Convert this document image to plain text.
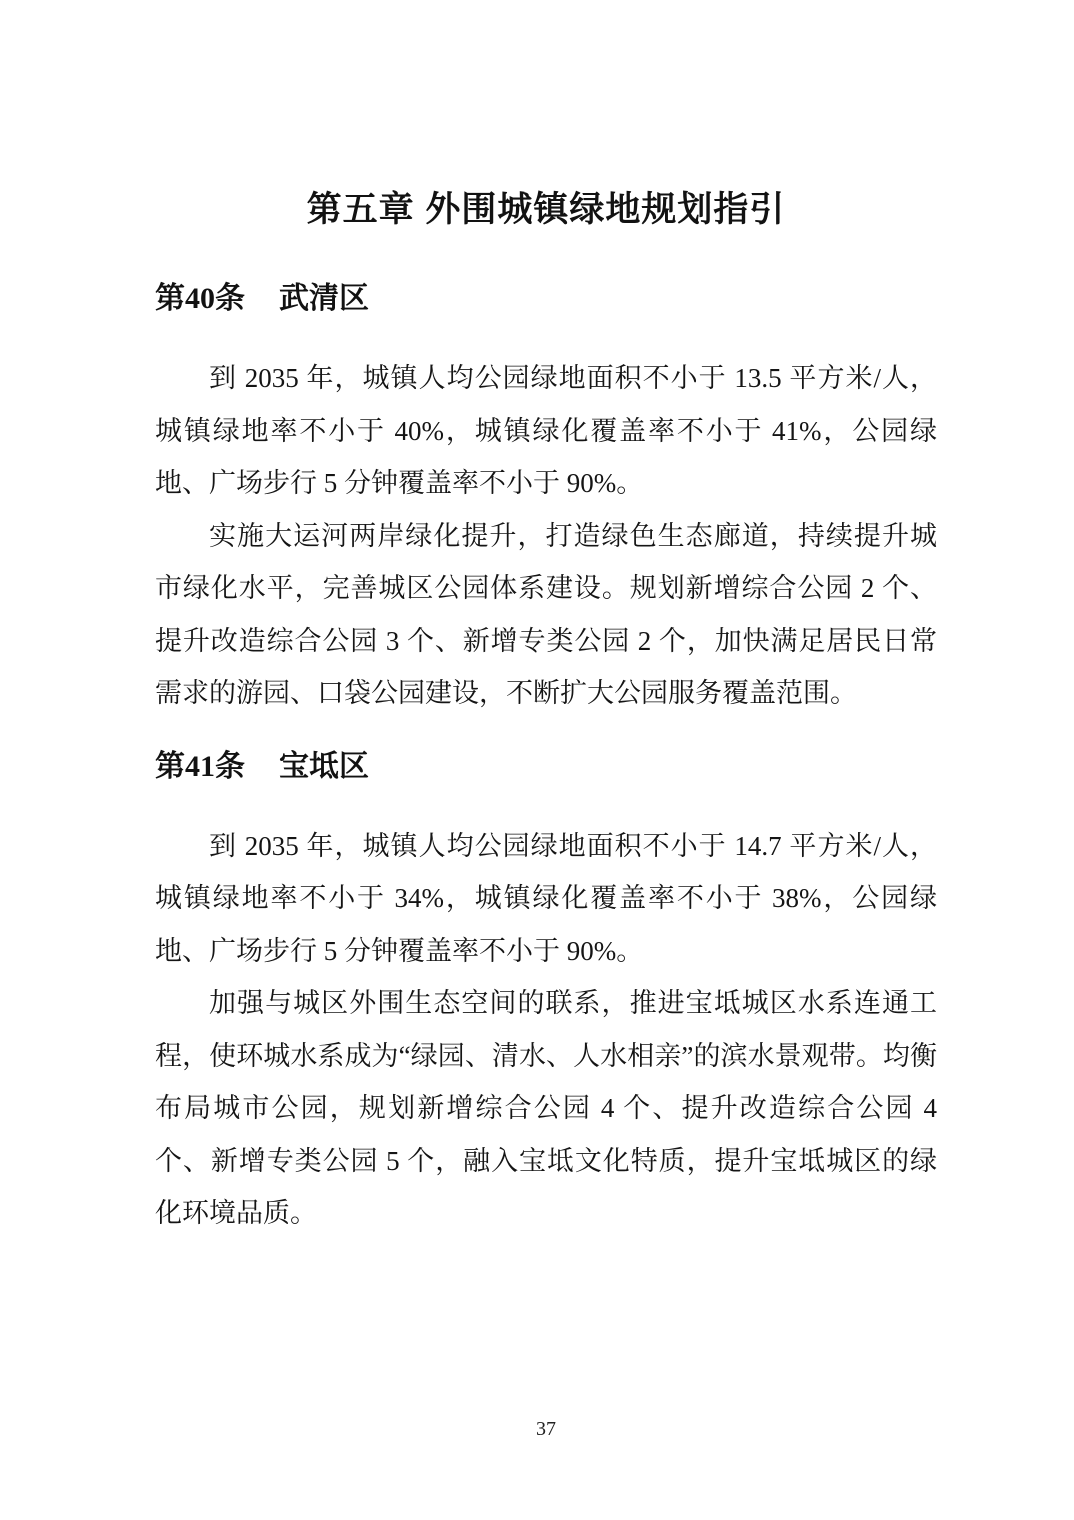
第五章 外围城镇绿地规划指引
第40条 武清区

到 2035 年，城镇人均公园绿地面积不小于 13.5 平方米/人，城镇绿地率不小于 40%，城镇绿化覆盖率不小于 41%，公园绿地、广场步行 5 分钟覆盖率不小于 90%。

实施大运河两岸绿化提升，打造绿色生态廊道，持续提升城市绿化水平，完善城区公园体系建设。规划新增综合公园 2 个、提升改造综合公园 3 个、新增专类公园 2 个，加快满足居民日常需求的游园、口袋公园建设，不断扩大公园服务覆盖范围。

第41条 宝坻区

到 2035 年，城镇人均公园绿地面积不小于 14.7 平方米/人，城镇绿地率不小于 34%，城镇绿化覆盖率不小于 38%，公园绿地、广场步行 5 分钟覆盖率不小于 90%。

加强与城区外围生态空间的联系，推进宝坻城区水系连通工程，使环城水系成为“绿园、清水、人水相亲”的滨水景观带。均衡布局城市公园，规划新增综合公园 4 个、提升改造综合公园 4 个、新增专类公园 5 个，融入宝坻文化特质，提升宝坻城区的绿化环境品质。

37
